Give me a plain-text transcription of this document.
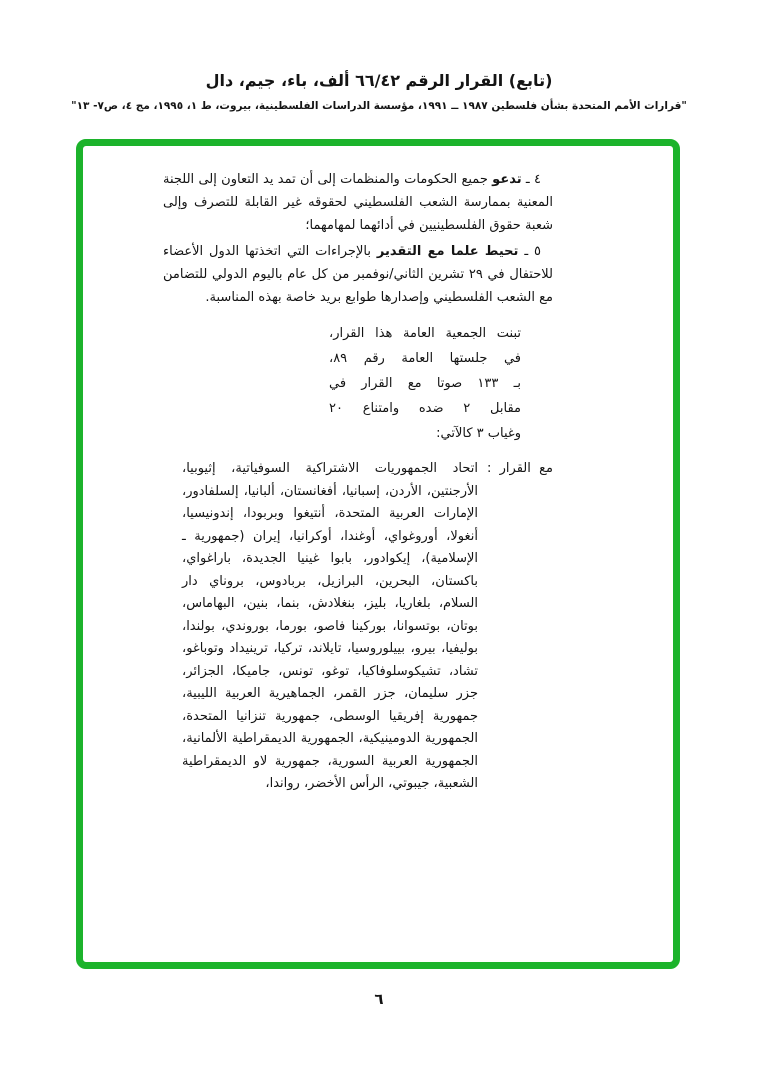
(تابع) القرار الرقم ٦٦/٤٢ ألف، باء، جيم، دال
"قرارات الأمم المتحدة بشأن فلسطين ١٩٨٧ ــ ١٩٩١، مؤسسة الدراسات الفلسطينية، بيروت، ط ١، ١٩٩٥، مج ٤، ص٧- ١٣"

٤ ـ تدعو جميع الحكومات والمنظمات إلى أن تمد يد التعاون إلى اللجنة المعنية بممارسة الشعب الفلسطيني لحقوقه غير القابلة للتصرف وإلى شعبة حقوق الفلسطينيين في أدائهما لمهامهما؛

٥ ـ تحيط علما مع التقدير بالإجراءات التي اتخذتها الدول الأعضاء للاحتفال في ٢٩ تشرين الثاني/نوفمبر من كل عام باليوم الدولي للتضامن مع الشعب الفلسطيني وإصدارها طوابع بريد خاصة بهذه المناسبة.

تبنت الجمعية العامة هذا القرار،
في جلستها العامة رقم ٨٩،
بـ ١٣٣ صوتا مع القرار في
مقابل ٢ ضده وامتناع ٢٠
وغياب ٣ كالآتي:
مع القرار :
اتحاد الجمهوريات الاشتراكية السوفياتية، إثيوبيا، الأرجنتين، الأردن، إسبانيا، أفغانستان، ألبانيا، إلسلفادور، الإمارات العربية المتحدة، أنتيغوا وبربودا، إندونيسيا، أنغولا، أوروغواي، أوغندا، أوكرانيا، إيران (جمهورية ـ الإسلامية)، إيكوادور، بابوا غينيا الجديدة، باراغواي، باكستان، البحرين، البرازيل، بربادوس، بروناي دار السلام، بلغاريا، بليز، بنغلادش، بنما، بنين، البهاماس، بوتان، بوتسوانا، بوركينا فاصو، بورما، بوروندي، بولندا، بوليفيا، بيرو، بييلوروسيا، تايلاند، تركيا، ترينيداد وتوباغو، تشاد، تشيكوسلوفاكيا، توغو، تونس، جاميكا، الجزائر، جزر سليمان، جزر القمر، الجماهيرية العربية الليبية، جمهورية إفريقيا الوسطى، جمهورية تنزانيا المتحدة، الجمهورية الدومينيكية، الجمهورية الديمقراطية الألمانية، الجمهورية العربية السورية، جمهورية لاو الديمقراطية الشعبية، جيبوتي، الرأس الأخضر، رواندا،
٦
